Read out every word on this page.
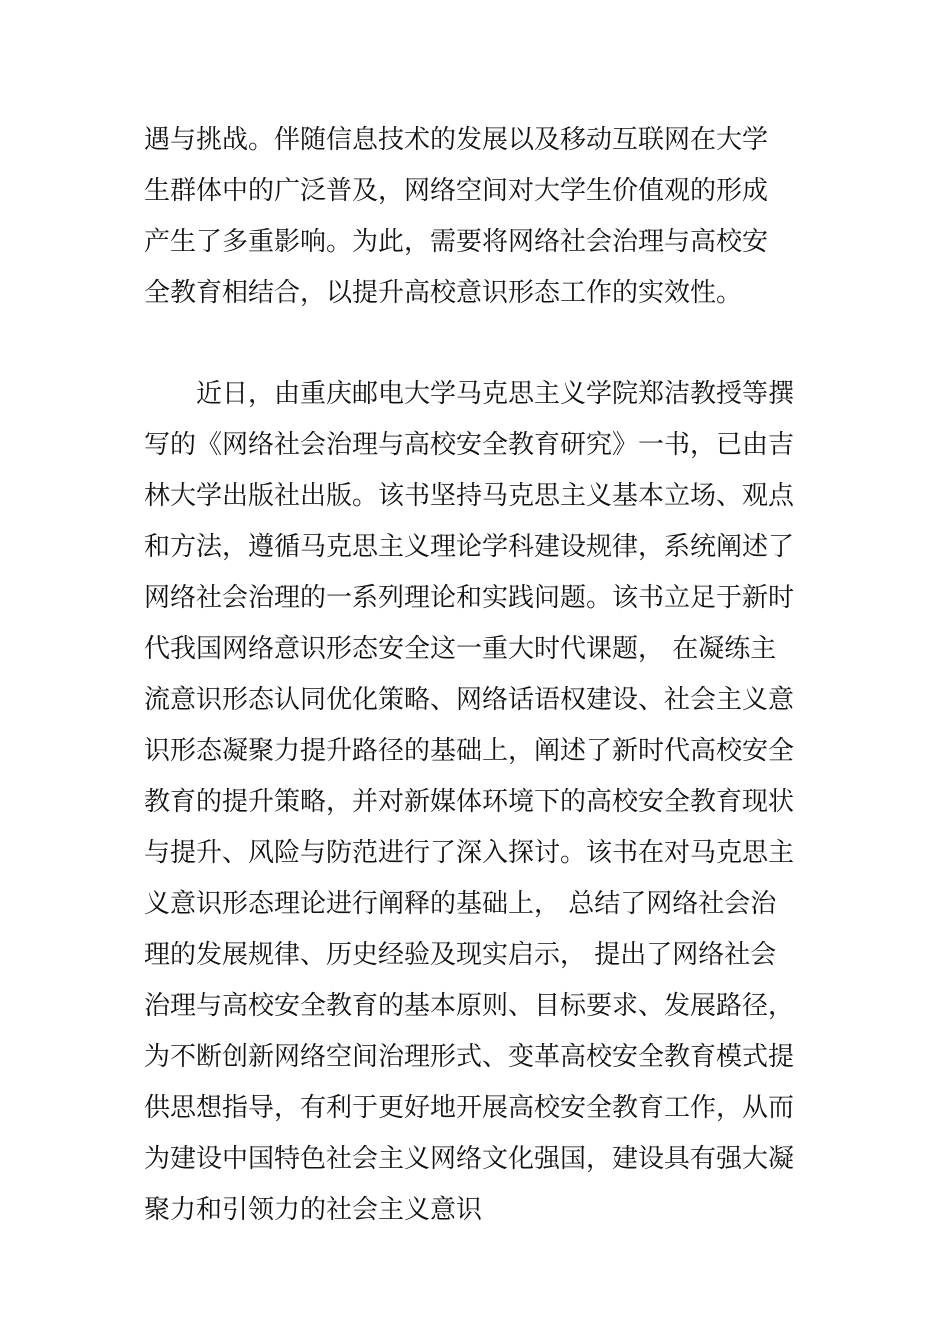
遇与挑战。伴随信息技术的发展以及移动互联网在大学
生群体中的广泛普及，网络空间对大学生价值观的形成
产生了多重影响。为此，需要将网络社会治理与高校安
全教育相结合，以提升高校意识形态工作的实效性。
　　近日，由重庆邮电大学马克思主义学院郑洁教授等撰
写的《网络社会治理与高校安全教育研究》一书，已由吉
林大学出版社出版。该书坚持马克思主义基本立场、观点
和方法，遵循马克思主义理论学科建设规律，系统阐述了
网络社会治理的一系列理论和实践问题。该书立足于新时
代我国网络意识形态安全这一重大时代课题， 在凝练主
流意识形态认同优化策略、网络话语权建设、社会主义意
识形态凝聚力提升路径的基础上，阐述了新时代高校安全
教育的提升策略，并对新媒体环境下的高校安全教育现状
与提升、风险与防范进行了深入探讨。该书在对马克思主
义意识形态理论进行阐释的基础上， 总结了网络社会治
理的发展规律、历史经验及现实启示， 提出了网络社会
治理与高校安全教育的基本原则、目标要求、发展路径，
为不断创新网络空间治理形式、变革高校安全教育模式提
供思想指导，有利于更好地开展高校安全教育工作，从而
为建设中国特色社会主义网络文化强国，建设具有强大凝
聚力和引领力的社会主义意识
